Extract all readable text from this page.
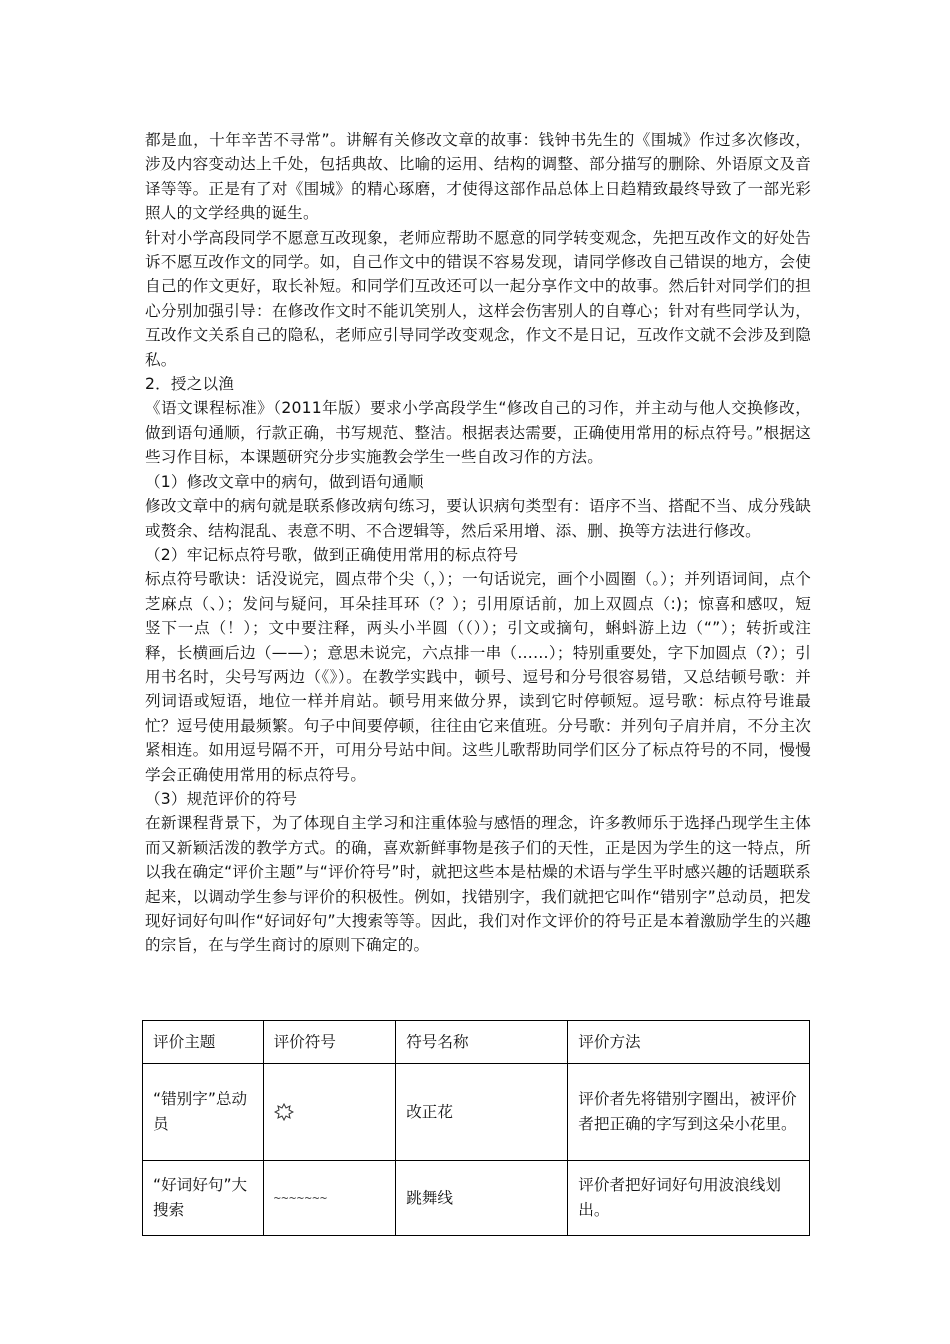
都是血，十年辛苦不寻常”。讲解有关修改文章的故事：钱钟书先生的《围城》作过多次修改，涉及内容变动达上千处，包括典故、比喻的运用、结构的调整、部分描写的删除、外语原文及音译等等。正是有了对《围城》的精心琢磨，才使得这部作品总体上日趋精致最终导致了一部光彩照人的文学经典的诞生。

针对小学高段同学不愿意互改现象，老师应帮助不愿意的同学转变观念，先把互改作文的好处告诉不愿互改作文的同学。如，自己作文中的错误不容易发现，请同学修改自己错误的地方，会使自己的作文更好，取长补短。和同学们互改还可以一起分享作文中的故事。然后针对同学们的担心分别加强引导：在修改作文时不能讥笑别人，这样会伤害别人的自尊心；针对有些同学认为，互改作文关系自己的隐私，老师应引导同学改变观念，作文不是日记，互改作文就不会涉及到隐私。

2．授之以渔

《语文课程标准》（2011年版）要求小学高段学生“修改自己的习作，并主动与他人交换修改，做到语句通顺，行款正确，书写规范、整洁。根据表达需要，正确使用常用的标点符号。”根据这些习作目标，本课题研究分步实施教会学生一些自改习作的方法。

（1）修改文章中的病句，做到语句通顺

修改文章中的病句就是联系修改病句练习，要认识病句类型有：语序不当、搭配不当、成分残缺或赘余、结构混乱、表意不明、不合逻辑等，然后采用增、添、删、换等方法进行修改。

（2）牢记标点符号歌，做到正确使用常用的标点符号

标点符号歌诀：话没说完，圆点带个尖（，）；一句话说完，画个小圆圈（。）；并列语词间，点个芝麻点（、）；发问与疑问，耳朵挂耳环（？）；引用原话前，加上双圆点（:)；惊喜和感叹，短竖下一点（！）；文中要注释，两头小半圆（（））；引文或摘句，蝌蚪游上边（“”）；转折或注释，长横画后边（——）；意思未说完，六点排一串（……）；特别重要处，字下加圆点（?）；引用书名时，尖号写两边（《》）。在教学实践中，顿号、逗号和分号很容易错，又总结顿号歌：并列词语或短语，地位一样并肩站。顿号用来做分界，读到它时停顿短。逗号歌：标点符号谁最忙？逗号使用最频繁。句子中间要停顿，往往由它来值班。分号歌：并列句子肩并肩，不分主次紧相连。如用逗号隔不开，可用分号站中间。这些儿歌帮助同学们区分了标点符号的不同，慢慢学会正确使用常用的标点符号。

（3）规范评价的符号

在新课程背景下，为了体现自主学习和注重体验与感悟的理念，许多教师乐于选择凸现学生主体而又新颖活泼的教学方式。的确，喜欢新鲜事物是孩子们的天性，正是因为学生的这一特点，所以我在确定“评价主题”与“评价符号”时，就把这些本是枯燥的术语与学生平时感兴趣的话题联系起来，以调动学生参与评价的积极性。例如，找错别字，我们就把它叫作“错别字”总动员，把发现好词好句叫作“好词好句”大搜索等等。因此，我们对作文评价的符号正是本着激励学生的兴趣的宗旨，在与学生商讨的原则下确定的。

评价主题	评价符号	符号名称	评价方法
“错别字”总动员		改正花	评价者先将错别字圈出，被评价者把正确的字写到这朵小花里。
“好词好句”大搜索	~~~~~~~	跳舞线	评价者把好词好句用波浪线划出。
